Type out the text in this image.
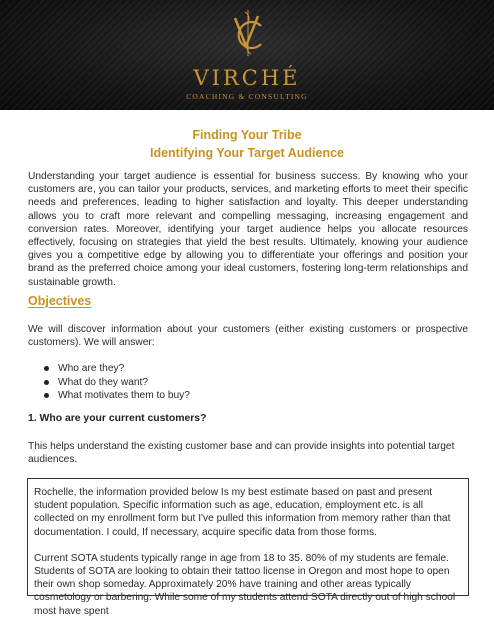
VIRCHÉ
COACHING & CONSULTING
Finding Your Tribe
Identifying Your Target Audience

Understanding your target audience is essential for business success. By knowing who your customers are, you can tailor your products, services, and marketing efforts to meet their specific needs and preferences, leading to higher satisfaction and loyalty. This deeper understanding allows you to craft more relevant and compelling messaging, increasing engagement and conversion rates. Moreover, identifying your target audience helps you allocate resources effectively, focusing on strategies that yield the best results. Ultimately, knowing your audience gives you a competitive edge by allowing you to differentiate your offerings and position your brand as the preferred choice among your ideal customers, fostering long-term relationships and sustainable growth.

Objectives

We will discover information about your customers (either existing customers or prospective customers). We will answer:

Who are they?
What do they want?
What motivates them to buy?
1. Who are your current customers?

This helps understand the existing customer base and can provide insights into potential target audiences.

Rochelle, the information provided below Is my best estimate based on past and present student population. Specific information such as age, education, employment etc. is all collected on my enrollment form but I've pulled this information from memory rather than that documentation. I could, If necessary, acquire specific data from those forms.

Current SOTA students typically range in age from 18 to 35. 80% of my students are female. Students of SOTA are looking to obtain their tattoo license in Oregon and most hope to open their own shop someday. Approximately 20% have training and other areas typically cosmetology or barbering. While some of my students attend SOTA directly out of high school most have spent
